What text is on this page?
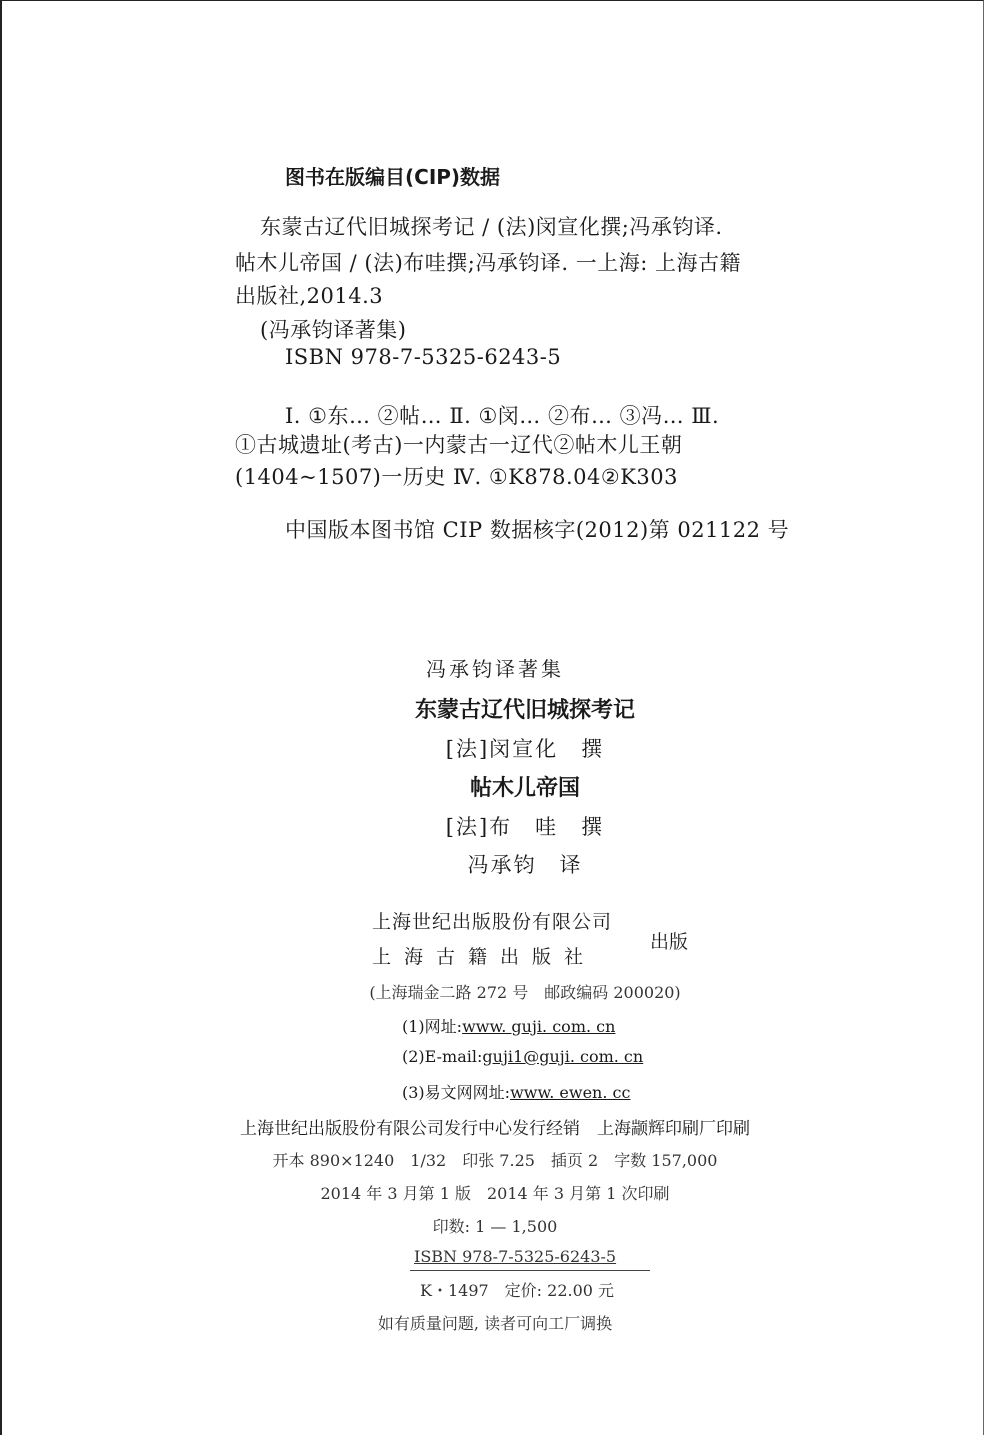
图书在版编目(CIP)数据
东蒙古辽代旧城探考记 / (法)闵宣化撰;冯承钧译.
帖木儿帝国 / (法)布哇撰;冯承钧译. 一上海: 上海古籍
出版社,2014.3
(冯承钧译著集)
ISBN 978-7-5325-6243-5
Ⅰ. ①东… ②帖… Ⅱ. ①闵… ②布… ③冯… Ⅲ.
①古城遗址(考古)一内蒙古一辽代②帖木儿王朝
(1404~1507)一历史 Ⅳ. ①K878.04②K303
中国版本图书馆 CIP 数据核字(2012)第 021122 号
冯承钧译著集
东蒙古辽代旧城探考记
[法]闵宣化　撰
帖木儿帝国
[法]布　哇　撰
冯承钧　译
上海世纪出版股份有限公司
上海古籍出版社
出版
(上海瑞金二路 272 号　邮政编码 200020)
(1)网址:www. guji. com. cn
(2)E-mail:guji1@guji. com. cn
(3)易文网网址:www. ewen. cc
上海世纪出版股份有限公司发行中心发行经销　上海颛辉印刷厂印刷
开本 890×1240　1/32　印张 7.25　插页 2　字数 157,000
2014 年 3 月第 1 版　2014 年 3 月第 1 次印刷
印数: 1 — 1,500
ISBN 978-7-5325-6243-5
K・1497　定价: 22.00 元
如有质量问题, 读者可向工厂调换
